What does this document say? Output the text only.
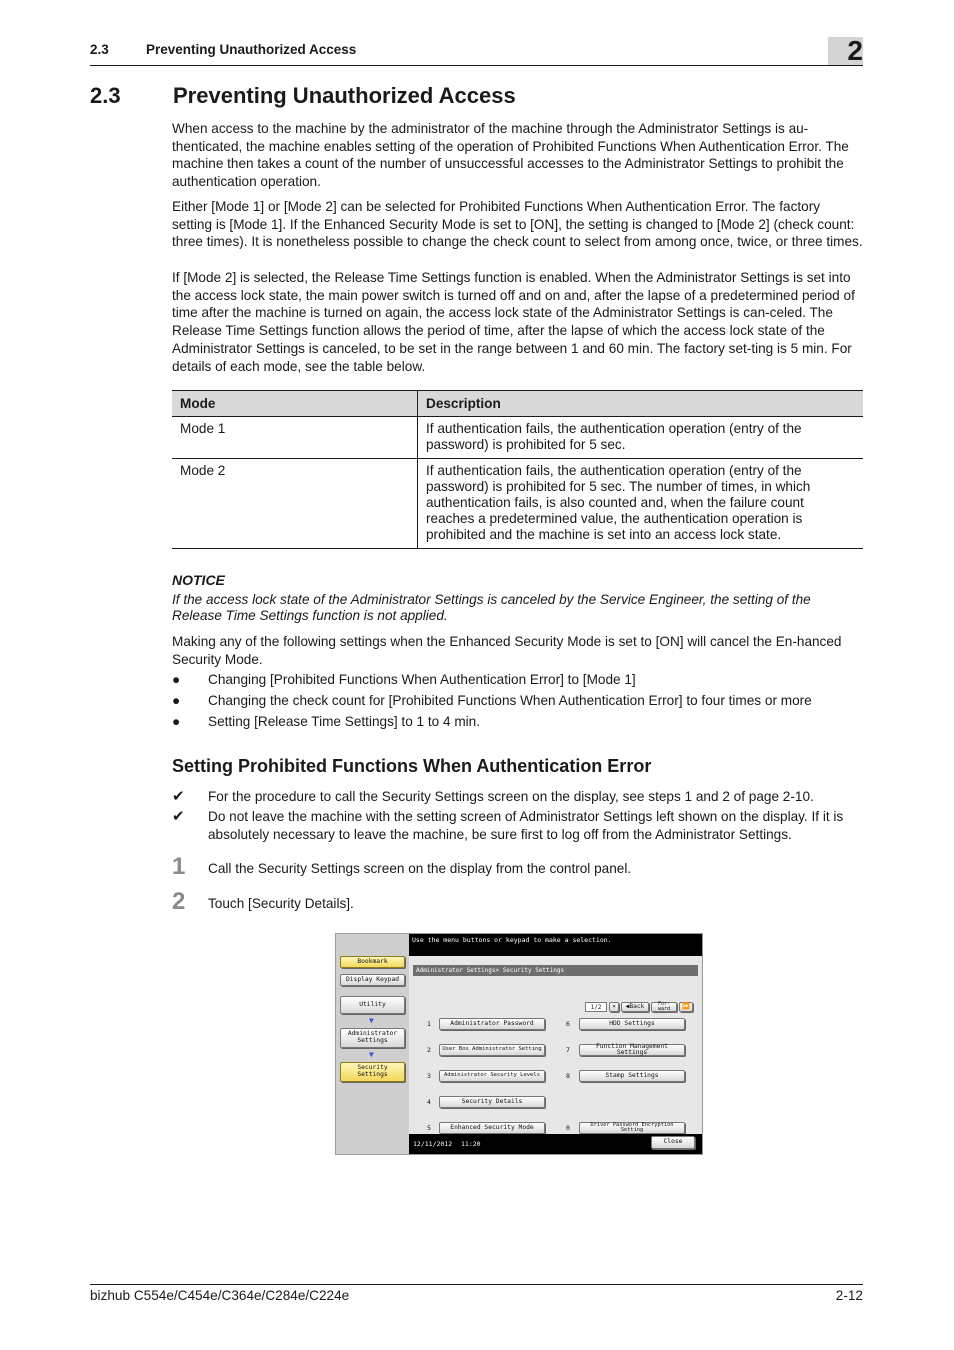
2.3	Preventing Unauthorized Access	2
2.3 Preventing Unauthorized Access
When access to the machine by the administrator of the machine through the Administrator Settings is au-thenticated, the machine enables setting of the operation of Prohibited Functions When Authentication Error. The machine then takes a count of the number of unsuccessful accesses to the Administrator Settings to prohibit the authentication operation.
Either [Mode 1] or [Mode 2] can be selected for Prohibited Functions When Authentication Error. The factory setting is [Mode 1]. If the Enhanced Security Mode is set to [ON], the setting is changed to [Mode 2] (check count: three times). It is nonetheless possible to change the check count to select from among once, twice, or three times.
If [Mode 2] is selected, the Release Time Settings function is enabled. When the Administrator Settings is set into the access lock state, the main power switch is turned off and on and, after the lapse of a predetermined period of time after the machine is turned on again, the access lock state of the Administrator Settings is can-celed. The Release Time Settings function allows the period of time, after the lapse of which the access lock state of the Administrator Settings is canceled, to be set in the range between 1 and 60 min. The factory set-ting is 5 min. For details of each mode, see the table below.
Mode	Description
Mode 1	If authentication fails, the authentication operation (entry of the password) is prohibited for 5 sec.
Mode 2	If authentication fails, the authentication operation (entry of the password) is prohibited for 5 sec. The number of times, in which authentication fails, is also counted and, when the failure count reaches a predetermined value, the authentication operation is prohibited and the machine is set into an access lock state.
NOTICE
If the access lock state of the Administrator Settings is canceled by the Service Engineer, the setting of the Release Time Settings function is not applied.
Making any of the following settings when the Enhanced Security Mode is set to [ON] will cancel the En-hanced Security Mode.
●	Changing [Prohibited Functions When Authentication Error] to [Mode 1]
●	Changing the check count for [Prohibited Functions When Authentication Error] to four times or more
●	Setting [Release Time Settings] to 1 to 4 min.
Setting Prohibited Functions When Authentication Error
✔ For the procedure to call the Security Settings screen on the display, see steps 1 and 2 of page 2-10.
✔ Do not leave the machine with the setting screen of Administrator Settings left shown on the display. If it is absolutely necessary to leave the machine, be sure first to log off from the Administrator Settings.
1 Call the Security Settings screen on the display from the control panel.
2 Touch [Security Details].
Bookmark
Display Keypad
Utility
▼
Administrator Settings
▼
Security Settings
Use the menu buttons or keypad to make a selection.
Administrator Settings> Security Settings
1/2	×	◀ Back	For-ward	⏩
1	Administrator Password
2	User Box Administrator Setting
3	Administrator Security Levels
4	Security Details
5	Enhanced Security Mode
6	HDD Settings
7	Function Management Settings
8	Stamp Settings
0	Driver Password Encryption Setting
12/11/2012 11:20	Close
bizhub C554e/C454e/C364e/C284e/C224e	2-12
